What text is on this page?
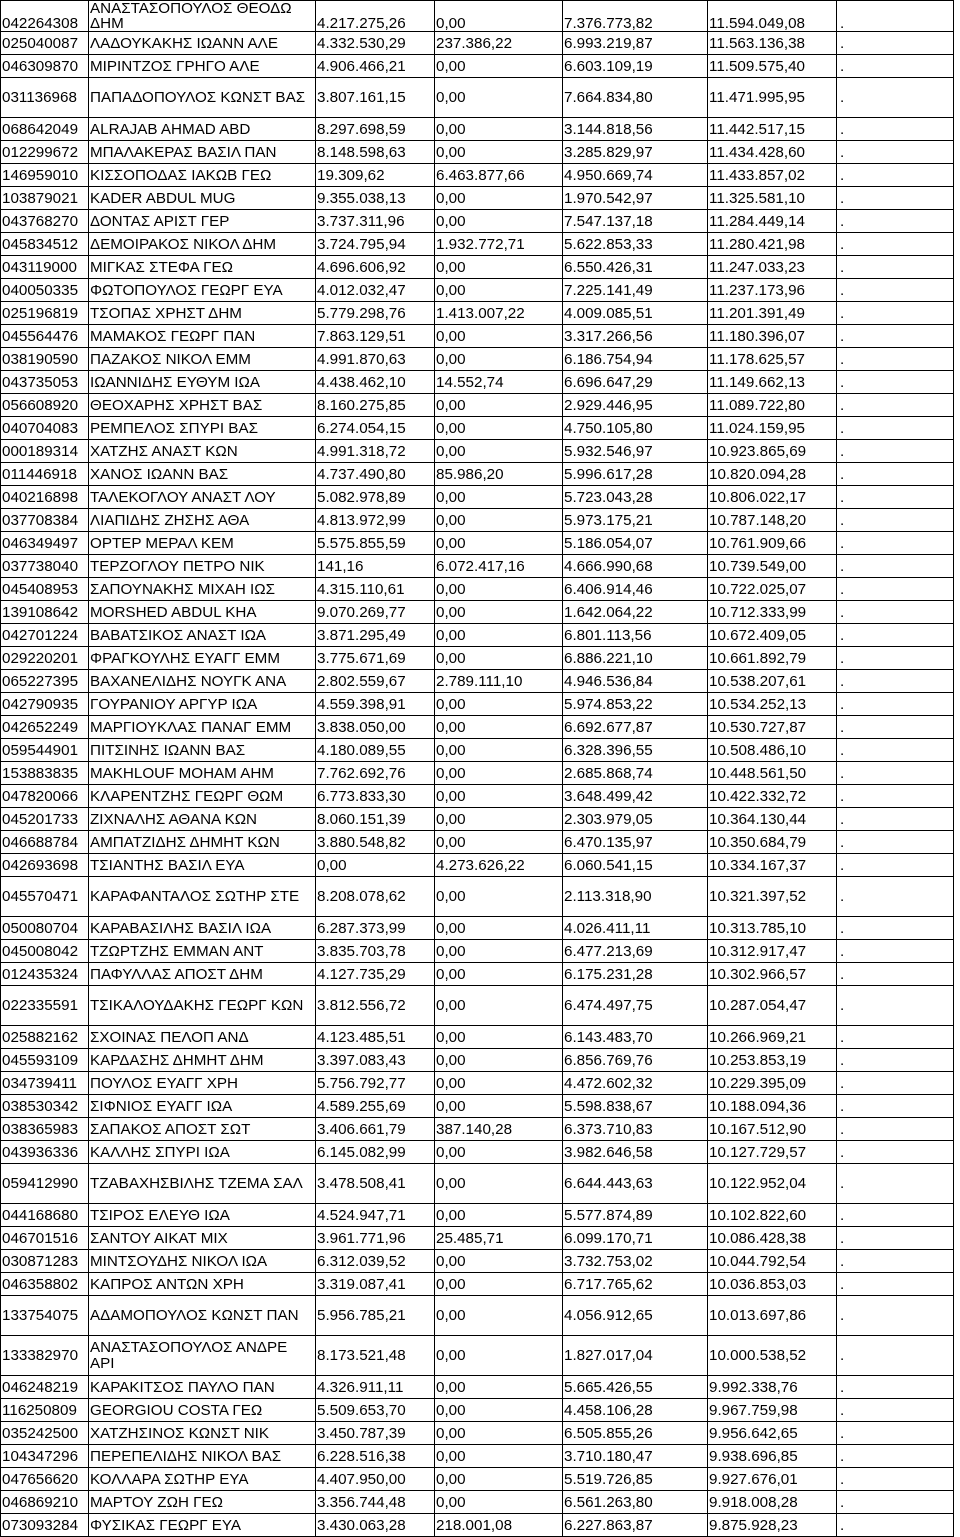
042264308	ΑΝΑΣΤΑΣΟΠΟΥΛΟΣ ΘΕΟΔΩ ΔΗΜ	4.217.275,26	0,00	7.376.773,82	11.594.049,08	.
025040087	ΛΑΔΟΥΚΑΚΗΣ ΙΩΑΝΝ ΑΛΕ	4.332.530,29	237.386,22	6.993.219,87	11.563.136,38	.
046309870	ΜΙΡΙΝΤΖΟΣ ΓΡΗΓΟ ΑΛΕ	4.906.466,21	0,00	6.603.109,19	11.509.575,40	.
031136968	ΠΑΠΑΔΟΠΟΥΛΟΣ ΚΩΝΣΤ ΒΑΣ	3.807.161,15	0,00	7.664.834,80	11.471.995,95	.
068642049	ALRAJAB AHMAD ABD	8.297.698,59	0,00	3.144.818,56	11.442.517,15	.
012299672	ΜΠΑΛΑΚΕΡΑΣ ΒΑΣΙΛ ΠΑΝ	8.148.598,63	0,00	3.285.829,97	11.434.428,60	.
146959010	ΚΙΣΣΟΠΟΔΑΣ ΙΑΚΩΒ ΓΕΩ	19.309,62	6.463.877,66	4.950.669,74	11.433.857,02	.
103879021	KADER ABDUL MUG	9.355.038,13	0,00	1.970.542,97	11.325.581,10	.
043768270	ΔΟΝΤΑΣ ΑΡΙΣΤ ΓΕΡ	3.737.311,96	0,00	7.547.137,18	11.284.449,14	.
045834512	ΔΕΜΟΙΡΑΚΟΣ ΝΙΚΟΛ ΔΗΜ	3.724.795,94	1.932.772,71	5.622.853,33	11.280.421,98	.
043119000	ΜΙΓΚΑΣ ΣΤΕΦΑ ΓΕΩ	4.696.606,92	0,00	6.550.426,31	11.247.033,23	.
040050335	ΦΩΤΟΠΟΥΛΟΣ ΓΕΩΡΓ ΕΥΑ	4.012.032,47	0,00	7.225.141,49	11.237.173,96	.
025196819	ΤΣΟΠΑΣ ΧΡΗΣΤ ΔΗΜ	5.779.298,76	1.413.007,22	4.009.085,51	11.201.391,49	.
045564476	ΜΑΜΑΚΟΣ ΓΕΩΡΓ ΠΑΝ	7.863.129,51	0,00	3.317.266,56	11.180.396,07	.
038190590	ΠΑΖΑΚΟΣ ΝΙΚΟΛ ΕΜΜ	4.991.870,63	0,00	6.186.754,94	11.178.625,57	.
043735053	ΙΩΑΝΝΙΔΗΣ ΕΥΘΥΜ ΙΩΑ	4.438.462,10	14.552,74	6.696.647,29	11.149.662,13	.
056608920	ΘΕΟΧΑΡΗΣ ΧΡΗΣΤ ΒΑΣ	8.160.275,85	0,00	2.929.446,95	11.089.722,80	.
040704083	ΡΕΜΠΕΛΟΣ ΣΠΥΡΙ ΒΑΣ	6.274.054,15	0,00	4.750.105,80	11.024.159,95	.
000189314	ΧΑΤΖΗΣ ΑΝΑΣΤ ΚΩΝ	4.991.318,72	0,00	5.932.546,97	10.923.865,69	.
011446918	ΧΑΝΟΣ ΙΩΑΝΝ ΒΑΣ	4.737.490,80	85.986,20	5.996.617,28	10.820.094,28	.
040216898	ΤΑΛΕΚΟΓΛΟΥ ΑΝΑΣΤ ΛΟΥ	5.082.978,89	0,00	5.723.043,28	10.806.022,17	.
037708384	ΛΙΑΠΙΔΗΣ ΖΗΣΗΣ ΑΘΑ	4.813.972,99	0,00	5.973.175,21	10.787.148,20	.
046349497	ΟΡΤΕΡ ΜΕΡΑΛ ΚΕΜ	5.575.855,59	0,00	5.186.054,07	10.761.909,66	.
037738040	ΤΕΡΖΟΓΛΟΥ ΠΕΤΡΟ ΝΙΚ	141,16	6.072.417,16	4.666.990,68	10.739.549,00	.
045408953	ΣΑΠΟΥΝΑΚΗΣ ΜΙΧΑΗ ΙΩΣ	4.315.110,61	0,00	6.406.914,46	10.722.025,07	.
139108642	MORSHED ABDUL KHA	9.070.269,77	0,00	1.642.064,22	10.712.333,99	.
042701224	ΒΑΒΑΤΣΙΚΟΣ ΑΝΑΣΤ ΙΩΑ	3.871.295,49	0,00	6.801.113,56	10.672.409,05	.
029220201	ΦΡΑΓΚΟΥΛΗΣ ΕΥΑΓΓ ΕΜΜ	3.775.671,69	0,00	6.886.221,10	10.661.892,79	.
065227395	ΒΑΧΑΝΕΛΙΔΗΣ ΝΟΥΓΚ ΑΝΑ	2.802.559,67	2.789.111,10	4.946.536,84	10.538.207,61	.
042790935	ΓΟΥΡΑΝΙΟΥ ΑΡΓΥΡ ΙΩΑ	4.559.398,91	0,00	5.974.853,22	10.534.252,13	.
042652249	ΜΑΡΓΙΟΥΚΛΑΣ ΠΑΝΑΓ ΕΜΜ	3.838.050,00	0,00	6.692.677,87	10.530.727,87	.
059544901	ΠΙΤΣΙΝΗΣ ΙΩΑΝΝ ΒΑΣ	4.180.089,55	0,00	6.328.396,55	10.508.486,10	.
153883835	MAKHLOUF MOHAM AHM	7.762.692,76	0,00	2.685.868,74	10.448.561,50	.
047820066	ΚΛΑΡΕΝΤΖΗΣ ΓΕΩΡΓ ΘΩΜ	6.773.833,30	0,00	3.648.499,42	10.422.332,72	.
045201733	ΖΙΧΝΑΛΗΣ ΑΘΑΝΑ ΚΩΝ	8.060.151,39	0,00	2.303.979,05	10.364.130,44	.
046688784	ΑΜΠΑΤΖΙΔΗΣ ΔΗΜΗΤ ΚΩΝ	3.880.548,82	0,00	6.470.135,97	10.350.684,79	.
042693698	ΤΣΙΑΝΤΗΣ ΒΑΣΙΛ ΕΥΑ	0,00	4.273.626,22	6.060.541,15	10.334.167,37	.
045570471	ΚΑΡΑΦΑΝΤΑΛΟΣ ΣΩΤΗΡ ΣΤΕ	8.208.078,62	0,00	2.113.318,90	10.321.397,52	.
050080704	ΚΑΡΑΒΑΣΙΛΗΣ ΒΑΣΙΛ ΙΩΑ	6.287.373,99	0,00	4.026.411,11	10.313.785,10	.
045008042	ΤΖΩΡΤΖΗΣ ΕΜΜΑΝ ΑΝΤ	3.835.703,78	0,00	6.477.213,69	10.312.917,47	.
012435324	ΠΑΦΥΛΛΑΣ ΑΠΟΣΤ ΔΗΜ	4.127.735,29	0,00	6.175.231,28	10.302.966,57	.
022335591	ΤΣΙΚΑΛΟΥΔΑΚΗΣ ΓΕΩΡΓ ΚΩΝ	3.812.556,72	0,00	6.474.497,75	10.287.054,47	.
025882162	ΣΧΟΙΝΑΣ ΠΕΛΟΠ ΑΝΔ	4.123.485,51	0,00	6.143.483,70	10.266.969,21	.
045593109	ΚΑΡΔΑΣΗΣ ΔΗΜΗΤ ΔΗΜ	3.397.083,43	0,00	6.856.769,76	10.253.853,19	.
034739411	ΠΟΥΛΟΣ ΕΥΑΓΓ ΧΡΗ	5.756.792,77	0,00	4.472.602,32	10.229.395,09	.
038530342	ΣΙΦΝΙΟΣ ΕΥΑΓΓ ΙΩΑ	4.589.255,69	0,00	5.598.838,67	10.188.094,36	.
038365983	ΣΑΠΑΚΟΣ ΑΠΟΣΤ ΣΩΤ	3.406.661,79	387.140,28	6.373.710,83	10.167.512,90	.
043936336	ΚΑΛΛΗΣ ΣΠΥΡΙ ΙΩΑ	6.145.082,99	0,00	3.982.646,58	10.127.729,57	.
059412990	ΤΖΑΒΑΧΗΣΒΙΛΗΣ ΤΖΕΜΑ ΣΑΛ	3.478.508,41	0,00	6.644.443,63	10.122.952,04	.
044168680	ΤΣΙΡΟΣ ΕΛΕΥΘ ΙΩΑ	4.524.947,71	0,00	5.577.874,89	10.102.822,60	.
046701516	ΣΑΝΤΟΥ ΑΙΚΑΤ ΜΙΧ	3.961.771,96	25.485,71	6.099.170,71	10.086.428,38	.
030871283	ΜΙΝΤΣΟΥΔΗΣ ΝΙΚΟΛ ΙΩΑ	6.312.039,52	0,00	3.732.753,02	10.044.792,54	.
046358802	ΚΑΠΡΟΣ ΑΝΤΩΝ ΧΡΗ	3.319.087,41	0,00	6.717.765,62	10.036.853,03	.
133754075	ΑΔΑΜΟΠΟΥΛΟΣ ΚΩΝΣΤ ΠΑΝ	5.956.785,21	0,00	4.056.912,65	10.013.697,86	.
133382970	ΑΝΑΣΤΑΣΟΠΟΥΛΟΣ ΑΝΔΡΕ ΑΡΙ	8.173.521,48	0,00	1.827.017,04	10.000.538,52	.
046248219	ΚΑΡΑΚΙΤΣΟΣ ΠΑΥΛΟ ΠΑΝ	4.326.911,11	0,00	5.665.426,55	9.992.338,76	.
116250809	GEORGIOU COSTA ΓΕΩ	5.509.653,70	0,00	4.458.106,28	9.967.759,98	.
035242500	ΧΑΤΖΗΣΙΝΟΣ ΚΩΝΣΤ ΝΙΚ	3.450.787,39	0,00	6.505.855,26	9.956.642,65	.
104347296	ΠΕΡΕΠΕΛΙΔΗΣ ΝΙΚΟΛ ΒΑΣ	6.228.516,38	0,00	3.710.180,47	9.938.696,85	.
047656620	ΚΟΛΛΑΡΑ ΣΩΤΗΡ ΕΥΑ	4.407.950,00	0,00	5.519.726,85	9.927.676,01	.
046869210	ΜΑΡΤΟΥ ΖΩΗ ΓΕΩ	3.356.744,48	0,00	6.561.263,80	9.918.008,28	.
073093284	ΦΥΣΙΚΑΣ ΓΕΩΡΓ ΕΥΑ	3.430.063,28	218.001,08	6.227.863,87	9.875.928,23	.
